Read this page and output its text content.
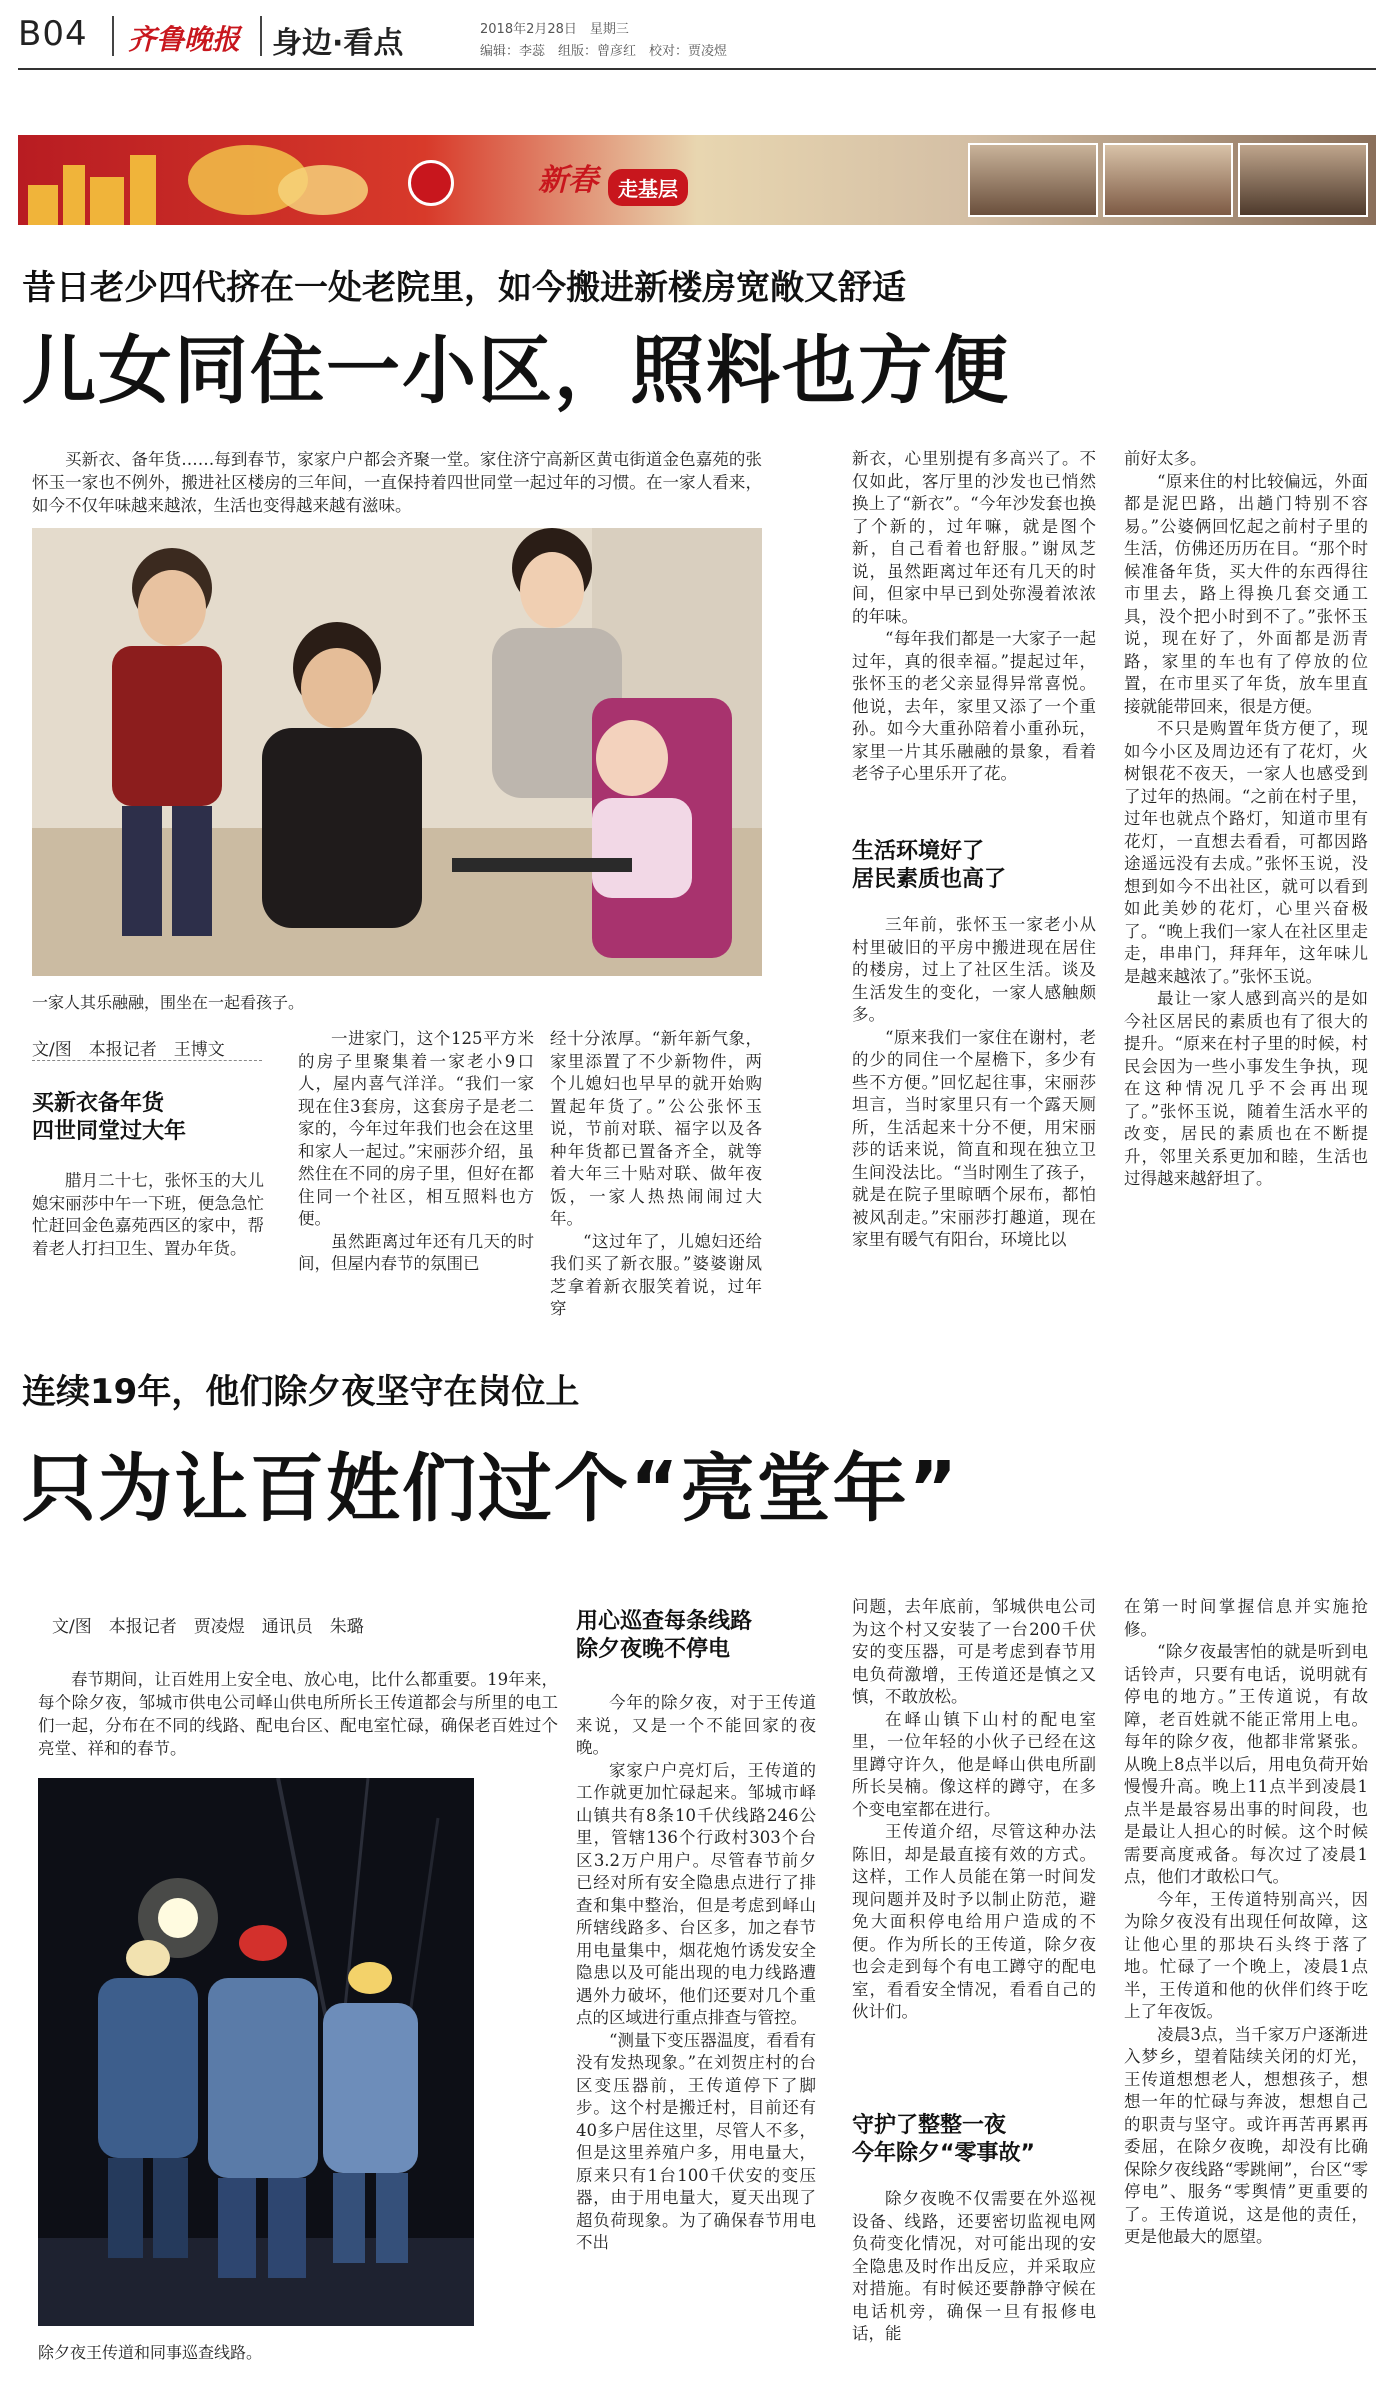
B04 齐鲁晚报 身边·看点	2018年2月28日　星期三
编辑：李蕊　组版：曾彦红　校对：贾凌煜
新春	走基层
昔日老少四代挤在一处老院里，如今搬进新楼房宽敞又舒适
儿女同住一小区，照料也方便

买新衣、备年货……每到春节，家家户户都会齐聚一堂。家住济宁高新区黄屯街道金色嘉苑的张怀玉一家也不例外，搬进社区楼房的三年间，一直保持着四世同堂一起过年的习惯。在一家人看来，如今不仅年味越来越浓，生活也变得越来越有滋味。

一家人其乐融融，围坐在一起看孩子。
文/图　本报记者　王博文
买新衣备年货
四世同堂过大年

腊月二十七，张怀玉的大儿媳宋丽莎中午一下班，便急急忙忙赶回金色嘉苑西区的家中，帮着老人打扫卫生、置办年货。

一进家门，这个125平方米的房子里聚集着一家老小9口人，屋内喜气洋洋。“我们一家现在住3套房，这套房子是老二家的，今年过年我们也会在这里和家人一起过。”宋丽莎介绍，虽然住在不同的房子里，但好在都住同一个社区，相互照料也方便。

虽然距离过年还有几天的时间，但屋内春节的氛围已

经十分浓厚。“新年新气象，家里添置了不少新物件，两个儿媳妇也早早的就开始购置起年货了。”公公张怀玉说，节前对联、福字以及各种年货都已置备齐全，就等着大年三十贴对联、做年夜饭，一家人热热闹闹过大年。

“这过年了，儿媳妇还给我们买了新衣服。”婆婆谢凤芝拿着新衣服笑着说，过年穿

新衣，心里别提有多高兴了。不仅如此，客厅里的沙发也已悄然换上了“新衣”。“今年沙发套也换了个新的，过年嘛，就是图个新，自己看着也舒服。”谢凤芝说，虽然距离过年还有几天的时间，但家中早已到处弥漫着浓浓的年味。

“每年我们都是一大家子一起过年，真的很幸福。”提起过年，张怀玉的老父亲显得异常喜悦。他说，去年，家里又添了一个重孙。如今大重孙陪着小重孙玩，家里一片其乐融融的景象，看着老爷子心里乐开了花。

生活环境好了
居民素质也高了

三年前，张怀玉一家老小从村里破旧的平房中搬进现在居住的楼房，过上了社区生活。谈及生活发生的变化，一家人感触颇多。

“原来我们一家住在谢村，老的少的同住一个屋檐下，多少有些不方便。”回忆起往事，宋丽莎坦言，当时家里只有一个露天厕所，生活起来十分不便，用宋丽莎的话来说，简直和现在独立卫生间没法比。“当时刚生了孩子，就是在院子里晾晒个尿布，都怕被风刮走。”宋丽莎打趣道，现在家里有暖气有阳台，环境比以

前好太多。

“原来住的村比较偏远，外面都是泥巴路，出趟门特别不容易。”公婆俩回忆起之前村子里的生活，仿佛还历历在目。“那个时候准备年货，买大件的东西得往市里去，路上得换几套交通工具，没个把小时到不了。”张怀玉说，现在好了，外面都是沥青路，家里的车也有了停放的位置，在市里买了年货，放车里直接就能带回来，很是方便。

不只是购置年货方便了，现如今小区及周边还有了花灯，火树银花不夜天，一家人也感受到了过年的热闹。“之前在村子里，过年也就点个路灯，知道市里有花灯，一直想去看看，可都因路途遥远没有去成。”张怀玉说，没想到如今不出社区，就可以看到如此美妙的花灯，心里兴奋极了。“晚上我们一家人在社区里走走，串串门，拜拜年，这年味儿是越来越浓了。”张怀玉说。

最让一家人感到高兴的是如今社区居民的素质也有了很大的提升。“原来在村子里的时候，村民会因为一些小事发生争执，现在这种情况几乎不会再出现了。”张怀玉说，随着生活水平的改变，居民的素质也在不断提升，邻里关系更加和睦，生活也过得越来越舒坦了。

连续19年，他们除夕夜坚守在岗位上
只为让百姓们过个“亮堂年”
文/图　本报记者　贾凌煜　通讯员　朱璐

春节期间，让百姓用上安全电、放心电，比什么都重要。19年来，每个除夕夜，邹城市供电公司峄山供电所所长王传道都会与所里的电工们一起，分布在不同的线路、配电台区、配电室忙碌，确保老百姓过个亮堂、祥和的春节。

除夕夜王传道和同事巡查线路。
用心巡查每条线路
除夕夜晚不停电

今年的除夕夜，对于王传道来说，又是一个不能回家的夜晚。

家家户户亮灯后，王传道的工作就更加忙碌起来。邹城市峄山镇共有8条10千伏线路246公里，管辖136个行政村303个台区3.2万户用户。尽管春节前夕已经对所有安全隐患点进行了排查和集中整治，但是考虑到峄山所辖线路多、台区多，加之春节用电量集中，烟花炮竹诱发安全隐患以及可能出现的电力线路遭遇外力破坏，他们还要对几个重点的区域进行重点排查与管控。

“测量下变压器温度，看看有没有发热现象。”在刘贺庄村的台区变压器前，王传道停下了脚步。这个村是搬迁村，目前还有40多户居住这里，尽管人不多，但是这里养殖户多，用电量大，原来只有1台100千伏安的变压器，由于用电量大，夏天出现了超负荷现象。为了确保春节用电不出

问题，去年底前，邹城供电公司为这个村又安装了一台200千伏安的变压器，可是考虑到春节用电负荷激增，王传道还是慎之又慎，不敢放松。

在峄山镇下山村的配电室里，一位年轻的小伙子已经在这里蹲守许久，他是峄山供电所副所长吴楠。像这样的蹲守，在多个变电室都在进行。

王传道介绍，尽管这种办法陈旧，却是最直接有效的方式。这样，工作人员能在第一时间发现问题并及时予以制止防范，避免大面积停电给用户造成的不便。作为所长的王传道，除夕夜也会走到每个有电工蹲守的配电室，看看安全情况，看看自己的伙计们。

守护了整整一夜
今年除夕“零事故”

除夕夜晚不仅需要在外巡视设备、线路，还要密切监视电网负荷变化情况，对可能出现的安全隐患及时作出反应，并采取应对措施。有时候还要静静守候在电话机旁，确保一旦有报修电话，能

在第一时间掌握信息并实施抢修。

“除夕夜最害怕的就是听到电话铃声，只要有电话，说明就有停电的地方。”王传道说，有故障，老百姓就不能正常用上电。每年的除夕夜，他都非常紧张。从晚上8点半以后，用电负荷开始慢慢升高。晚上11点半到凌晨1点半是最容易出事的时间段，也是最让人担心的时候。这个时候需要高度戒备。每次过了凌晨1点，他们才敢松口气。

今年，王传道特别高兴，因为除夕夜没有出现任何故障，这让他心里的那块石头终于落了地。忙碌了一个晚上，凌晨1点半，王传道和他的伙伴们终于吃上了年夜饭。

凌晨3点，当千家万户逐渐进入梦乡，望着陆续关闭的灯光，王传道想想老人，想想孩子，想想一年的忙碌与奔波，想想自己的职责与坚守。或许再苦再累再委屈，在除夕夜晚，却没有比确保除夕夜线路“零跳闸”，台区“零停电”、服务“零舆情”更重要的了。王传道说，这是他的责任，更是他最大的愿望。
